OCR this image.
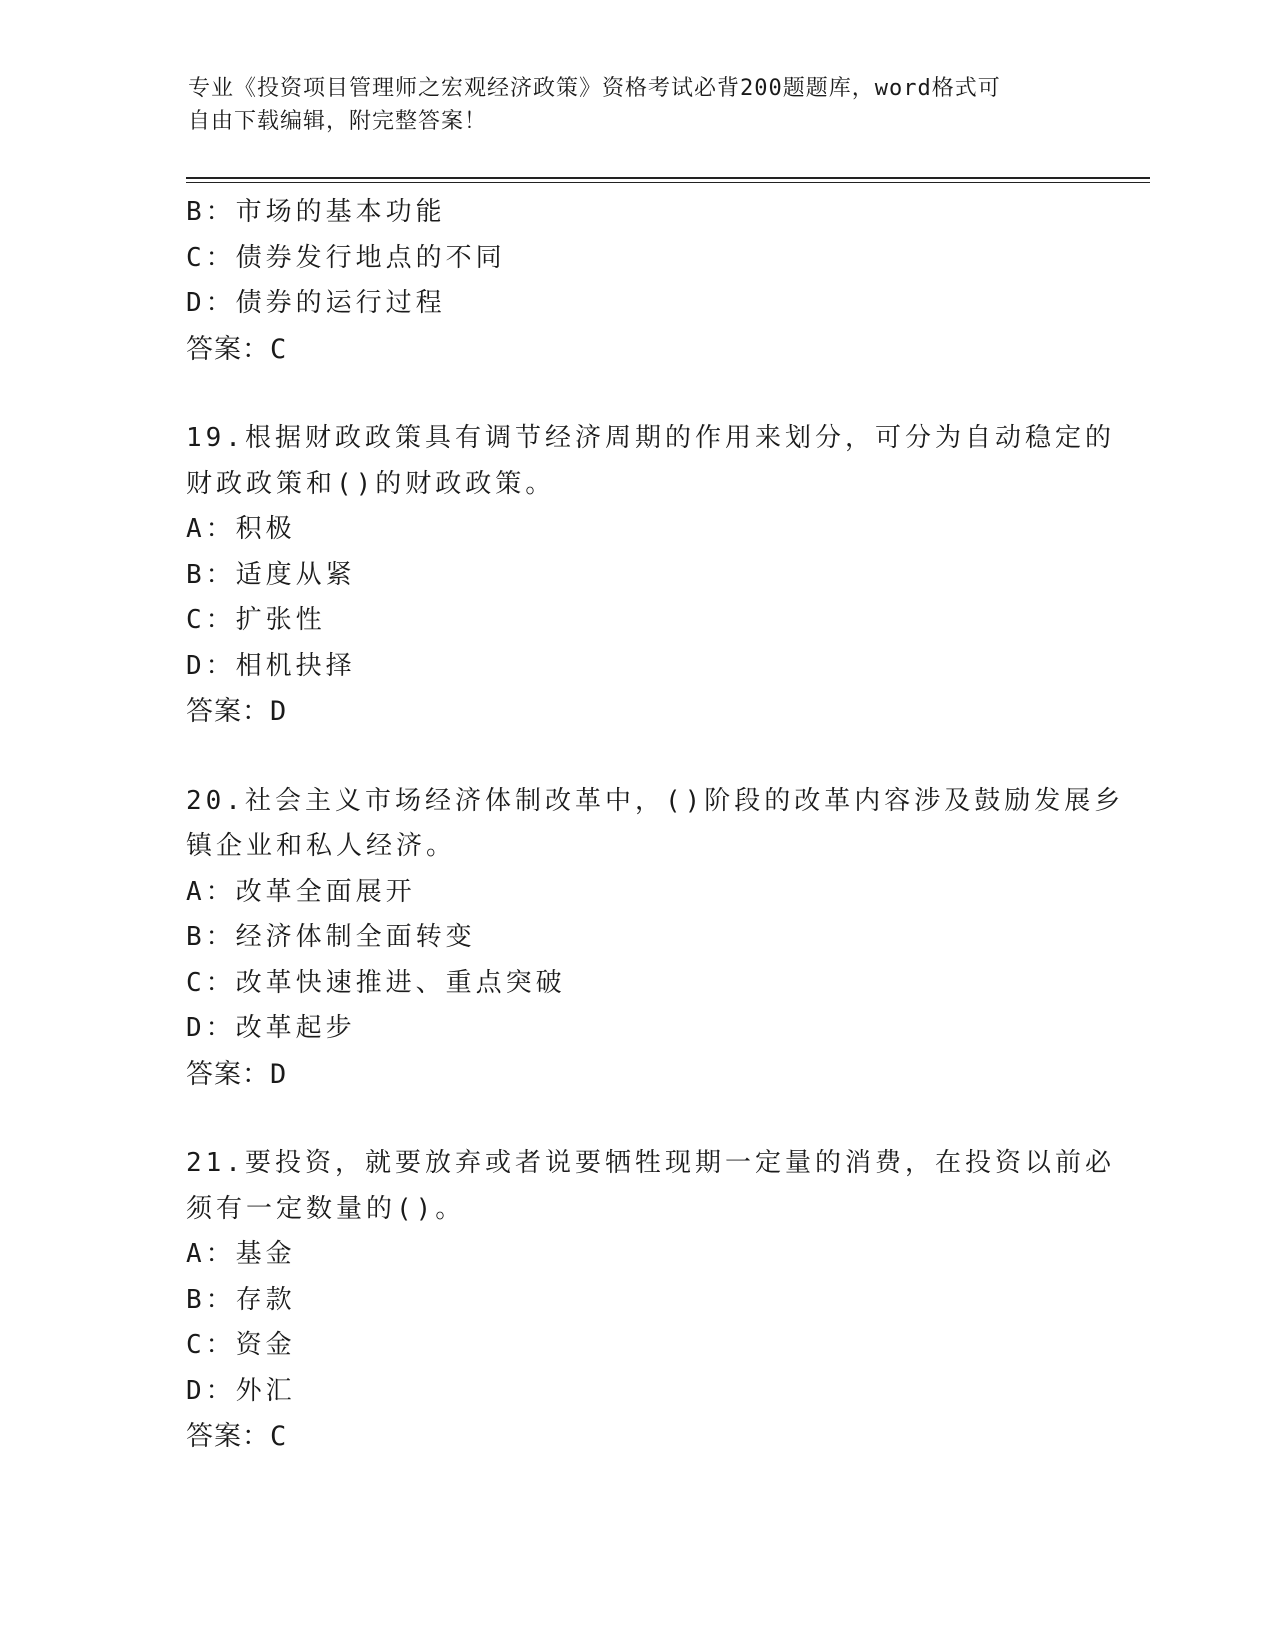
专业《投资项目管理师之宏观经济政策》资格考试必背200题题库，word格式可
自由下载编辑，附完整答案！
B：市场的基本功能
C：债券发行地点的不同
D：债券的运行过程
答案：C
19.根据财政政策具有调节经济周期的作用来划分，可分为自动稳定的
财政政策和()的财政政策。
A：积极
B：适度从紧
C：扩张性
D：相机抉择
答案：D
20.社会主义市场经济体制改革中，()阶段的改革内容涉及鼓励发展乡
镇企业和私人经济。
A：改革全面展开
B：经济体制全面转变
C：改革快速推进、重点突破
D：改革起步
答案：D
21.要投资，就要放弃或者说要牺牲现期一定量的消费，在投资以前必
须有一定数量的()。
A：基金
B：存款
C：资金
D：外汇
答案：C
